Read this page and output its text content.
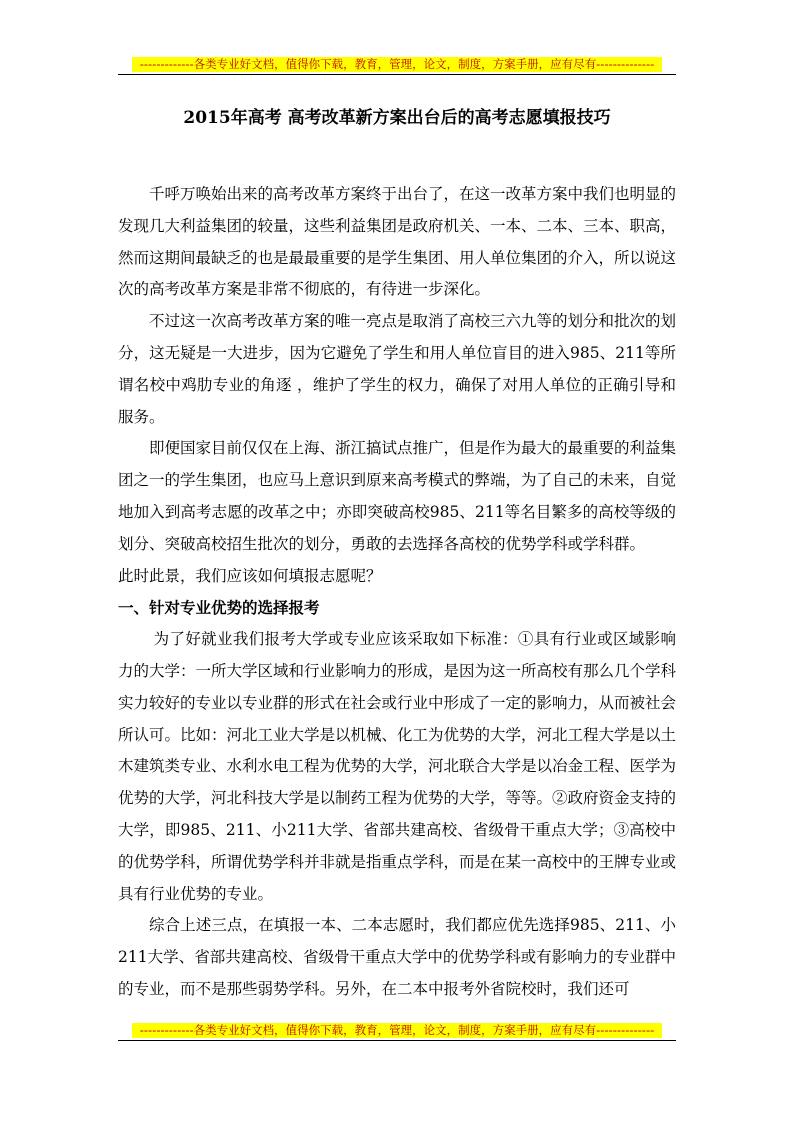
-------------各类专业好文档，值得你下载，教育，管理，论文，制度，方案手册，应有尽有--------------
2015年高考 高考改革新方案出台后的高考志愿填报技巧

千呼万唤始出来的高考改革方案终于出台了，在这一改革方案中我们也明显的发现几大利益集团的较量，这些利益集团是政府机关、一本、二本、三本、职高，然而这期间最缺乏的也是最最重要的是学生集团、用人单位集团的介入，所以说这次的高考改革方案是非常不彻底的，有待进一步深化。

不过这一次高考改革方案的唯一亮点是取消了高校三六九等的划分和批次的划分，这无疑是一大进步，因为它避免了学生和用人单位盲目的进入985、211等所谓名校中鸡肋专业的角逐 ，维护了学生的权力，确保了对用人单位的正确引导和服务。

即便国家目前仅仅在上海、浙江搞试点推广，但是作为最大的最重要的利益集团之一的学生集团，也应马上意识到原来高考模式的弊端，为了自己的未来，自觉地加入到高考志愿的改革之中；亦即突破高校985、211等名目繁多的高校等级的划分、突破高校招生批次的划分，勇敢的去选择各高校的优势学科或学科群。

此时此景，我们应该如何填报志愿呢？

一、针对专业优势的选择报考

为了好就业我们报考大学或专业应该采取如下标准：①具有行业或区域影响力的大学：一所大学区域和行业影响力的形成，是因为这一所高校有那么几个学科实力较好的专业以专业群的形式在社会或行业中形成了一定的影响力，从而被社会所认可。比如：河北工业大学是以机械、化工为优势的大学，河北工程大学是以土木建筑类专业、水利水电工程为优势的大学，河北联合大学是以冶金工程、医学为优势的大学，河北科技大学是以制药工程为优势的大学，等等。②政府资金支持的大学，即985、211、小211大学、省部共建高校、省级骨干重点大学；③高校中的优势学科，所谓优势学科并非就是指重点学科，而是在某一高校中的王牌专业或具有行业优势的专业。

综合上述三点，在填报一本、二本志愿时，我们都应优先选择985、211、小211大学、省部共建高校、省级骨干重点大学中的优势学科或有影响力的专业群中的专业，而不是那些弱势学科。另外，在二本中报考外省院校时，我们还可

-------------各类专业好文档，值得你下载，教育，管理，论文，制度，方案手册，应有尽有--------------
